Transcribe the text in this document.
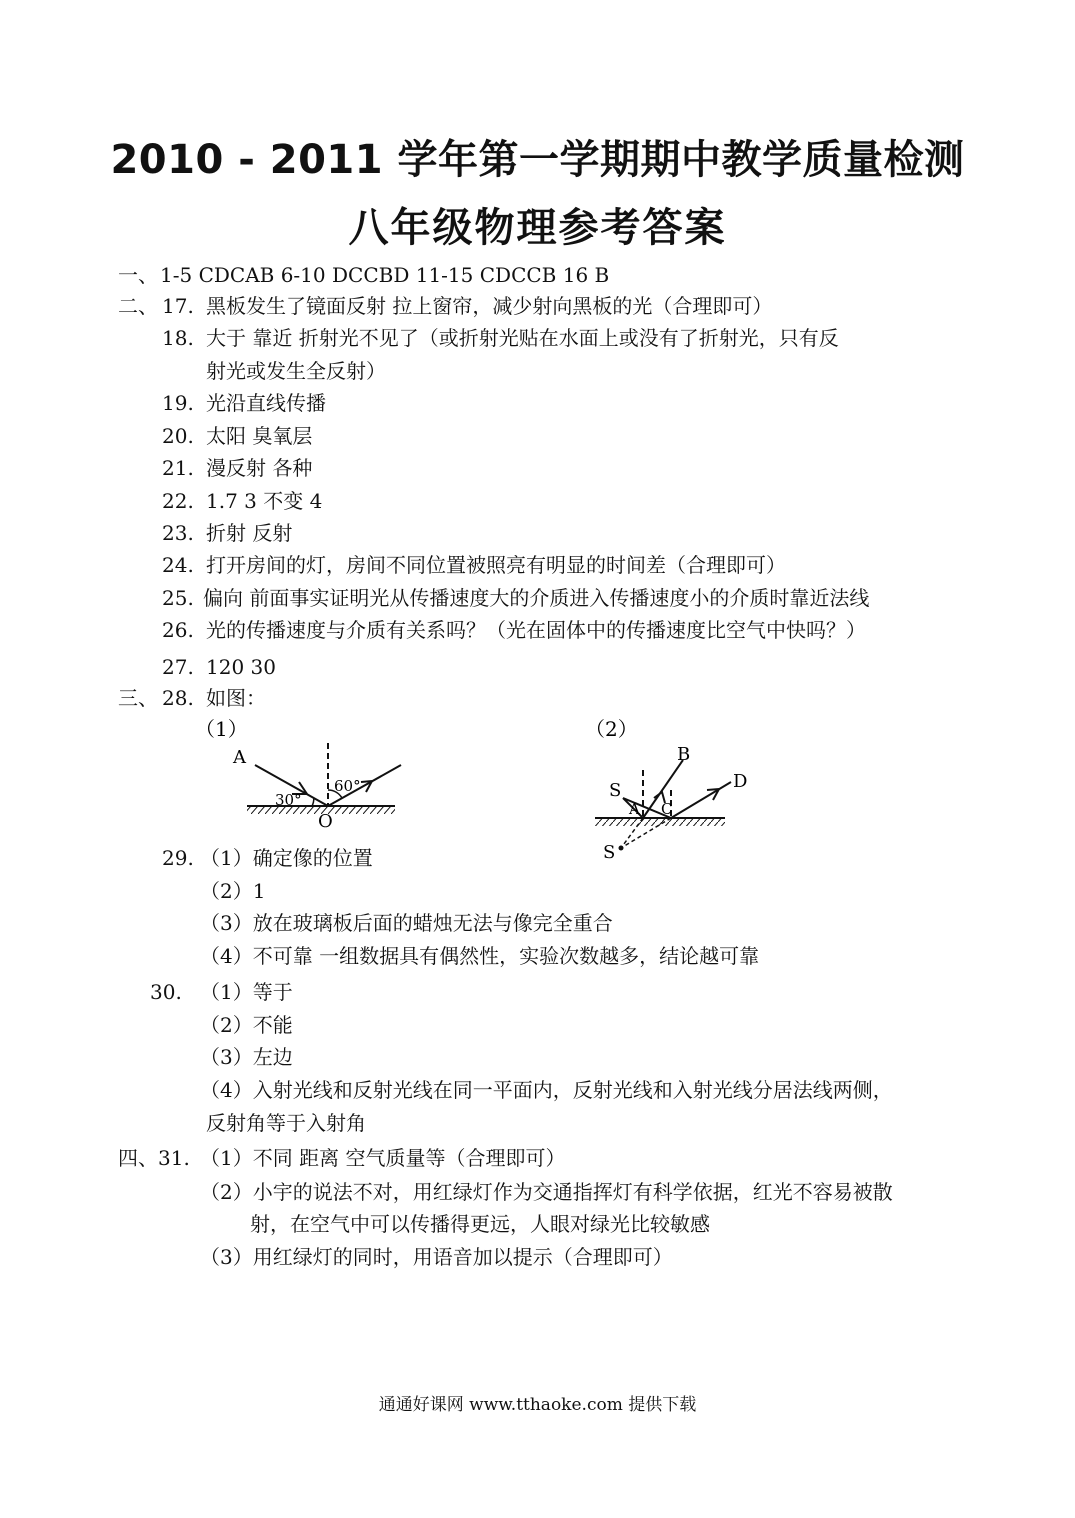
2010 - 2011 学年第一学期期中教学质量检测
八年级物理参考答案
一、 1-5 CDCAB 6-10 DCCBD 11-15 CDCCB 16 B
二、 17. 黑板发生了镜面反射 拉上窗帘，减少射向黑板的光（合理即可）
18. 大于 靠近 折射光不见了（或折射光贴在水面上或没有了折射光，只有反
射光或发生全反射）
19. 光沿直线传播
20. 太阳 臭氧层
21. 漫反射 各种
22. 1.7 3 不变 4
23. 折射 反射
24. 打开房间的灯，房间不同位置被照亮有明显的时间差（合理即可）
25. 偏向 前面事实证明光从传播速度大的介质进入传播速度小的介质时靠近法线
26. 光的传播速度与介质有关系吗？（光在固体中的传播速度比空气中快吗？）
27. 120 30
三、 28. 如图：
（1）
A
30°
60°
O
（2）
B
D
S
A C
S
29. （1）确定像的位置
（2）1
（3）放在玻璃板后面的蜡烛无法与像完全重合
（4）不可靠 一组数据具有偶然性，实验次数越多，结论越可靠
30. （1）等于
（2）不能
（3）左边
（4）入射光线和反射光线在同一平面内，反射光线和入射光线分居法线两侧，
反射角等于入射角
四、 31. （1）不同 距离 空气质量等（合理即可）
（2）小宇的说法不对，用红绿灯作为交通指挥灯有科学依据，红光不容易被散
射，在空气中可以传播得更远，人眼对绿光比较敏感
（3）用红绿灯的同时，用语音加以提示（合理即可）
通通好课网 www.tthaoke.com 提供下载
